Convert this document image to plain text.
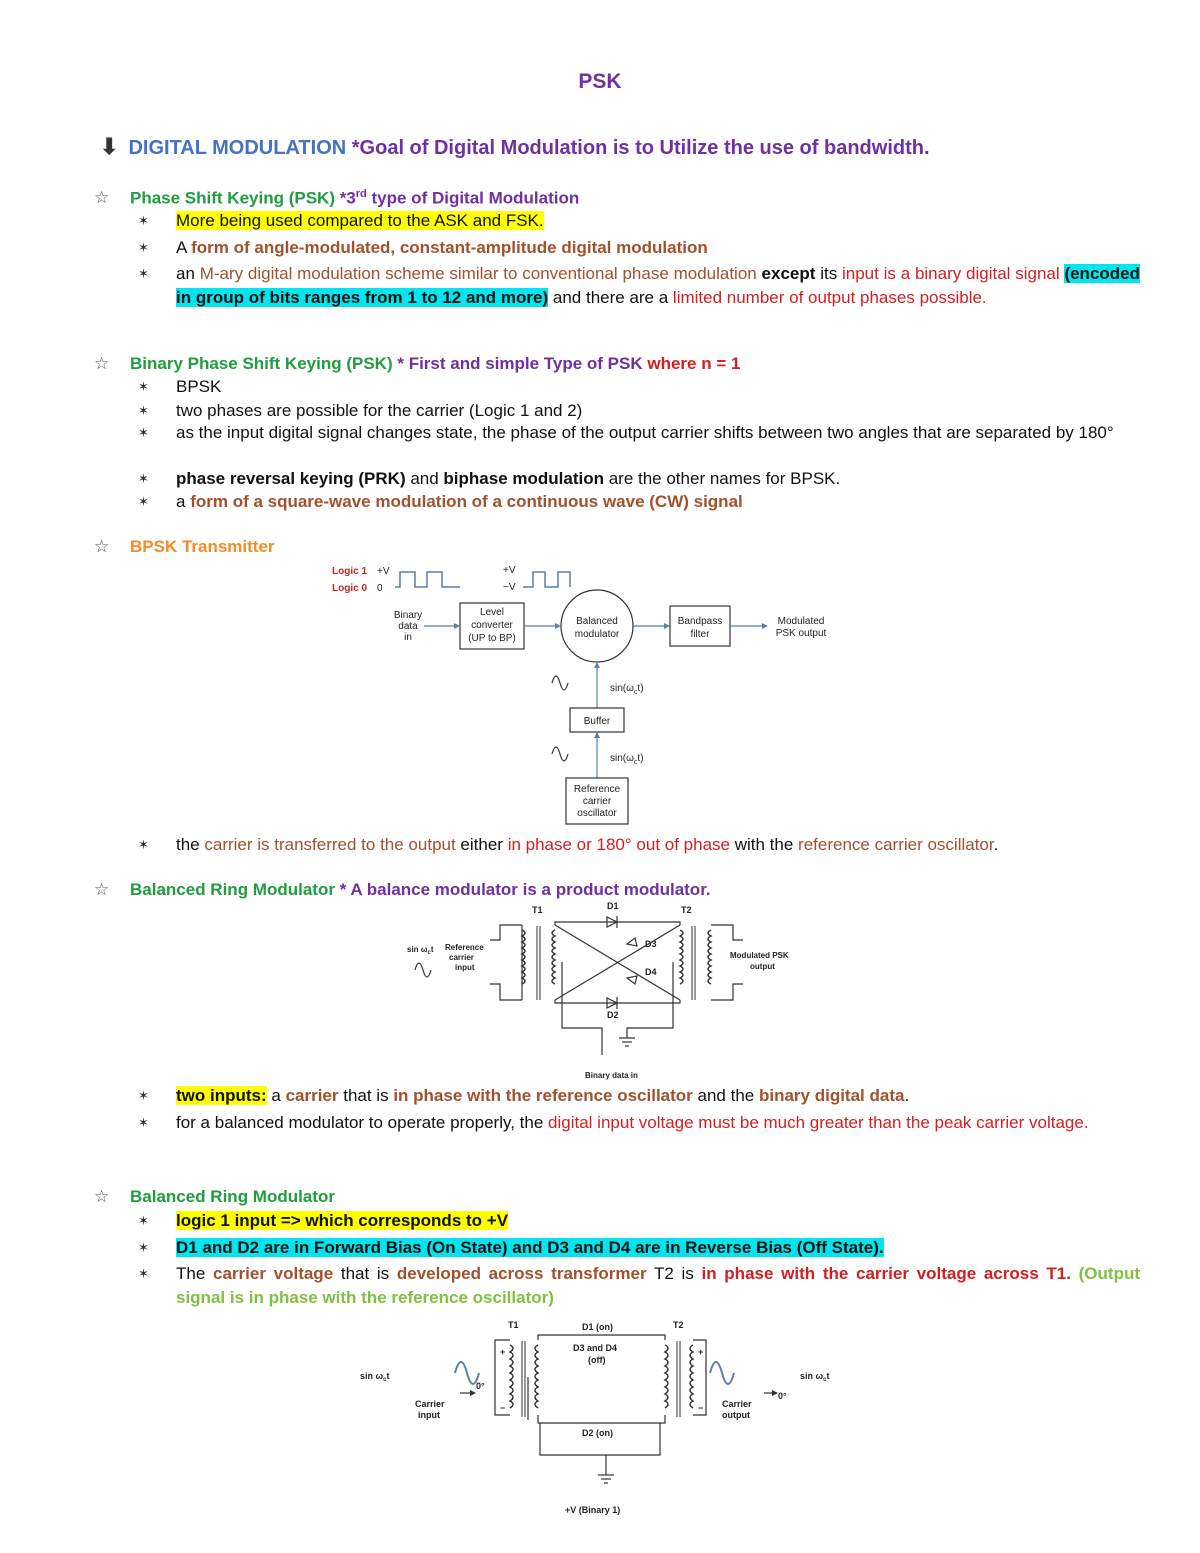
PSK
⬇ DIGITAL MODULATION *Goal of Digital Modulation is to Utilize the use of bandwidth.
☆ Phase Shift Keying (PSK) *3rd type of Digital Modulation
✶ More being used compared to the ASK and FSK.
✶ A form of angle-modulated, constant-amplitude digital modulation
✶ an M-ary digital modulation scheme similar to conventional phase modulation except its input is a binary digital signal (encoded in group of bits ranges from 1 to 12 and more) and there are a limited number of output phases possible.
☆ Binary Phase Shift Keying (PSK) * First and simple Type of PSK where n = 1
✶ BPSK
✶ two phases are possible for the carrier (Logic 1 and 2)
✶ as the input digital signal changes state, the phase of the output carrier shifts between two angles that are separated by 180°
✶ phase reversal keying (PRK) and biphase modulation are the other names for BPSK.
✶ a form of a square-wave modulation of a continuous wave (CW) signal
☆ BPSK Transmitter
Logic 1
Logic 0
+V
0
+V
−V
Binary
data
in
Level
converter
(UP to BP)
Balanced
modulator
Bandpass
filter
Modulated
PSK output
$\sin(\omega_ct)$
Buffer
$\sin(\omega_ct)$
Reference
carrier
oscillator
✶ the carrier is transferred to the output either in phase or 180° out of phase with the reference carrier oscillator.
☆ Balanced Ring Modulator * A balance modulator is a product modulator.
T1	T2
D1
D2
D3
D4
$\sin \omega_ct$ Reference
carrier
input
Modulated PSK
output
Binary data in
✶ two inputs: a carrier that is in phase with the reference oscillator and the binary digital data.
✶ for a balanced modulator to operate properly, the digital input voltage must be much greater than the peak carrier voltage.
☆ Balanced Ring Modulator
✶ logic 1 input => which corresponds to +V
✶ D1 and D2 are in Forward Bias (On State) and D3 and D4 are in Reverse Bias (Off State).
✶ The carrier voltage that is developed across transformer T2 is in phase with the carrier voltage across T1. (Output signal is in phase with the reference oscillator)
T1	T2
D1 (on)
D3 and D4
(off)
D2 (on)
$\sin \omega_ct$
0°
Carrier
input
$\sin \omega_ct$
0°
Carrier
output
+V (Binary 1)
+
−
+
−
